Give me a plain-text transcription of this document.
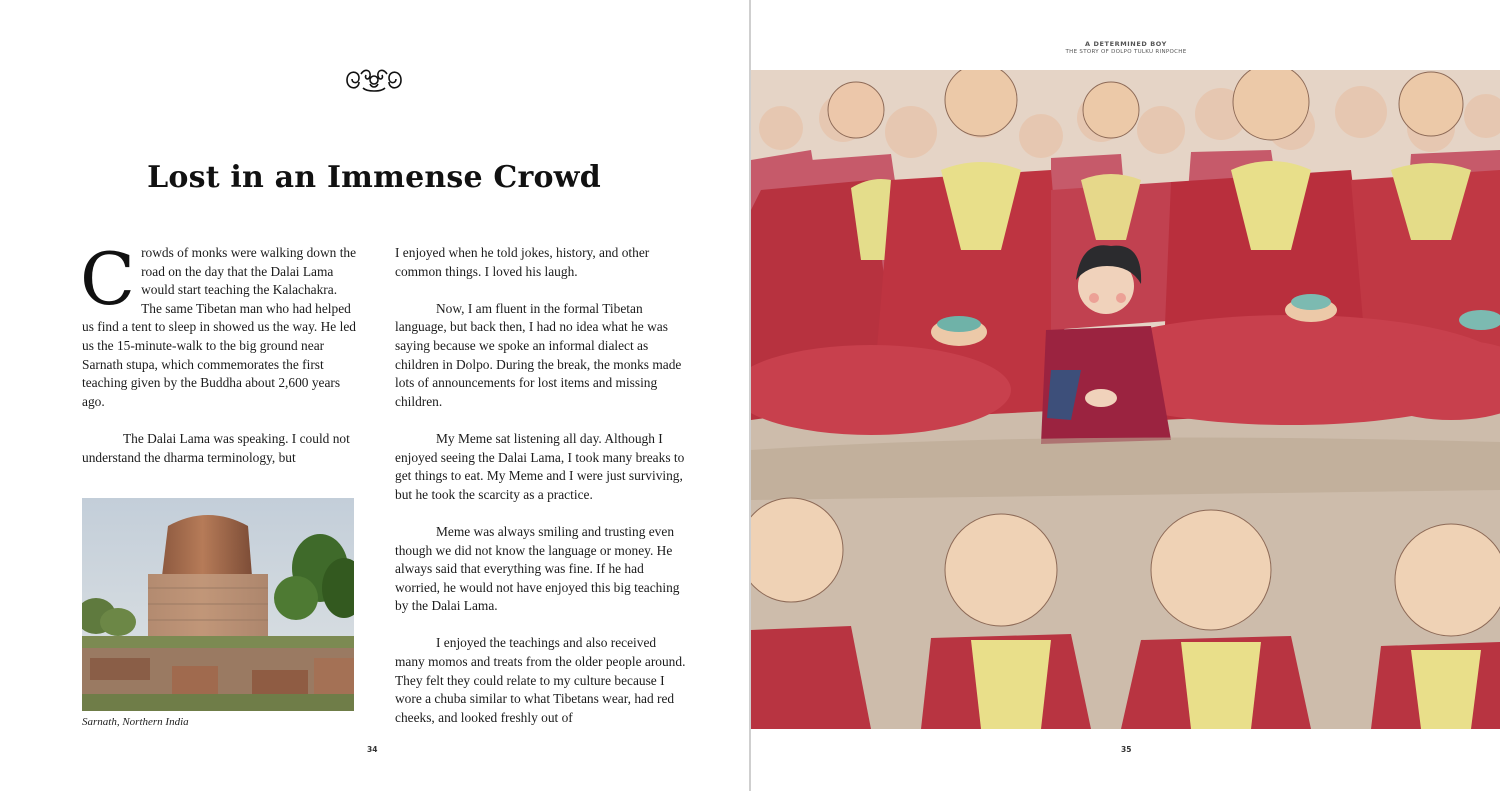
Lost in an Immense Crowd

Crowds of monks were walking down the road on the day that the Dalai Lama would start teaching the Kalachakra. The same Tibetan man who had helped us find a tent to sleep in showed us the way. He led us the 15-minute-walk to the big ground near Sarnath stupa, which commemorates the first teaching given by the Buddha about 2,600 years ago.

The Dalai Lama was speaking. I could not understand the dharma terminology, but

Sarnath, Northern India

I enjoyed when he told jokes, history, and other common things. I loved his laugh.

Now, I am fluent in the formal Tibetan language, but back then, I had no idea what he was saying because we spoke an informal dialect as children in Dolpo. During the break, the monks made lots of announcements for lost items and missing children.

My Meme sat listening all day. Although I enjoyed seeing the Dalai Lama, I took many breaks to get things to eat. My Meme and I were just surviving, but he took the scarcity as a practice.

Meme was always smiling and trusting even though we did not know the language or money. He always said that everything was fine. If he had worried, he would not have enjoyed this big teaching by the Dalai Lama.

I enjoyed the teachings and also received many momos and treats from the older people around. They felt they could relate to my culture because I wore a chuba similar to what Tibetans wear, had red cheeks, and looked freshly out of

34
A DETERMINED BOY
THE STORY OF DOLPO TULKU RINPOCHE
35
